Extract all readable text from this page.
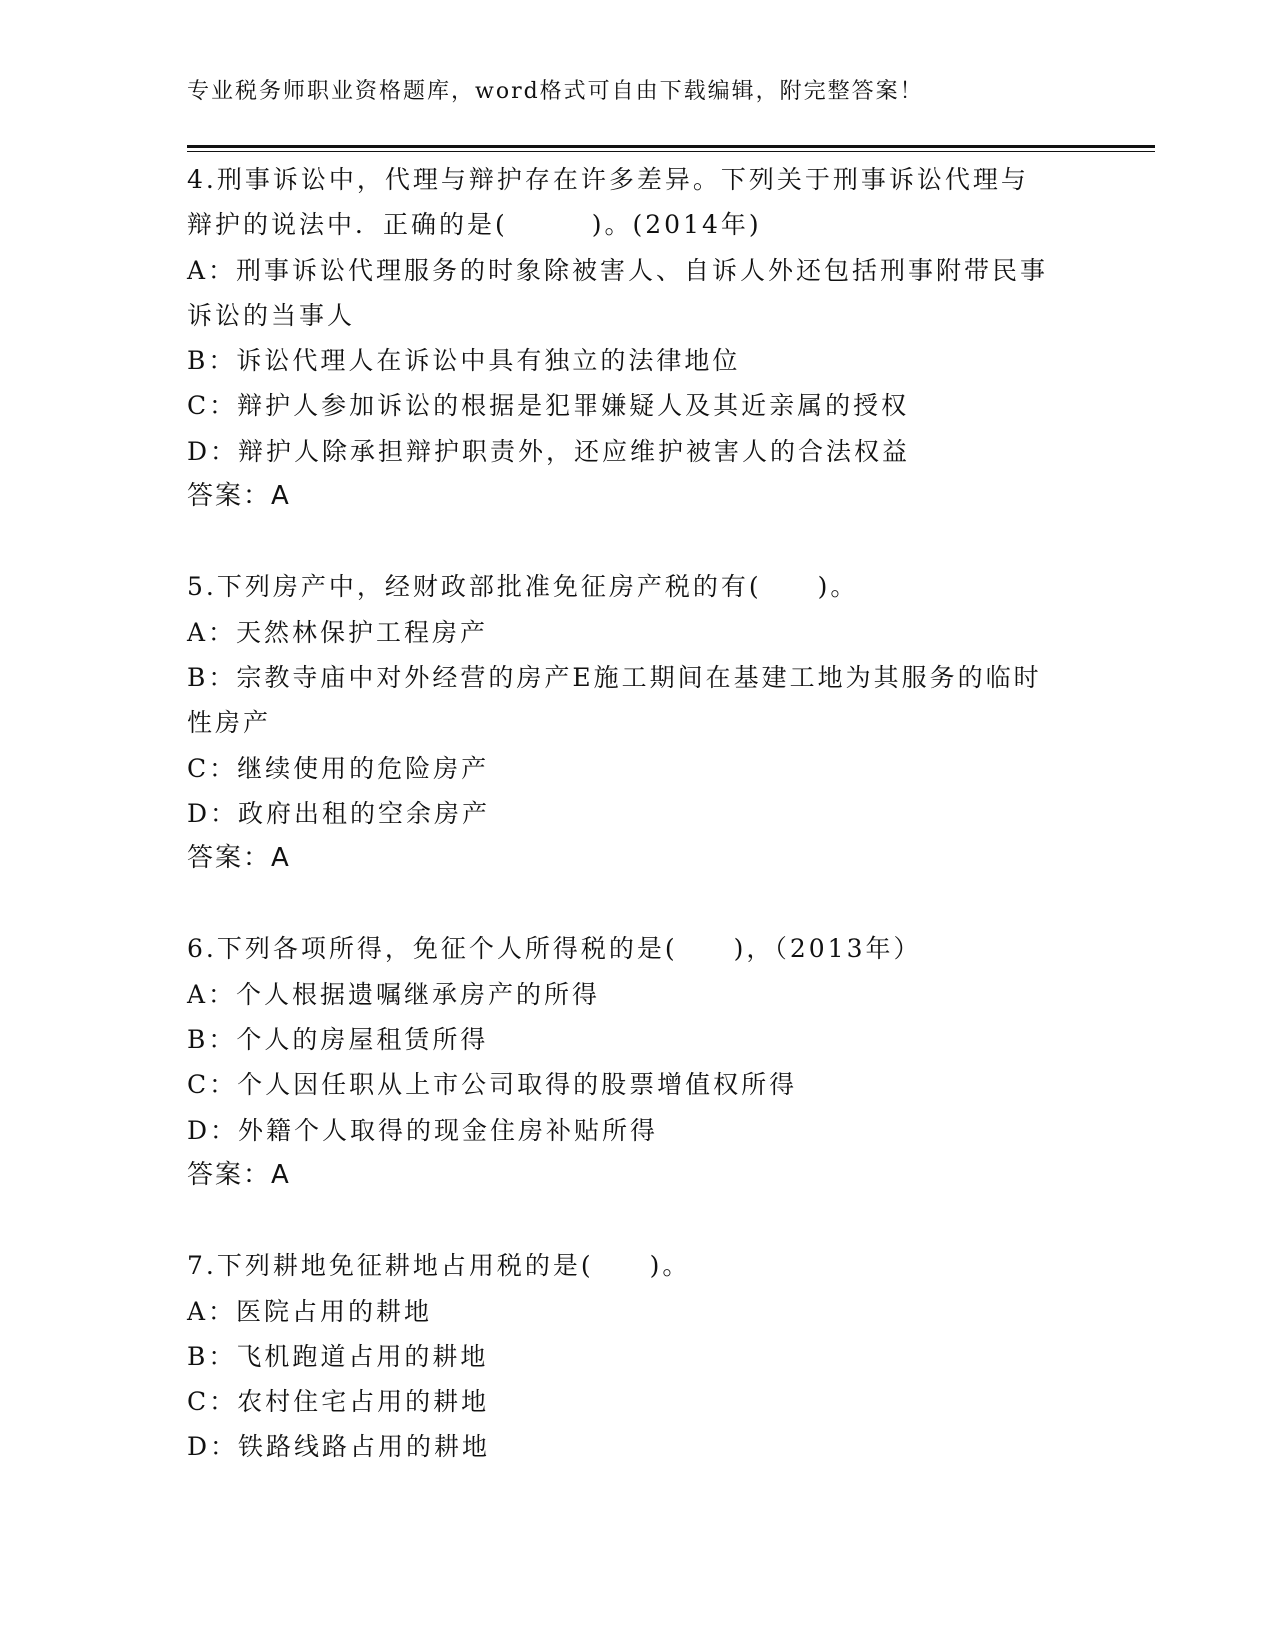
专业税务师职业资格题库，word格式可自由下载编辑，附完整答案！

4.刑事诉讼中，代理与辩护存在许多差异。下列关于刑事诉讼代理与

辩护的说法中．正确的是(　　　)。(2014年)

A：刑事诉讼代理服务的时象除被害人、自诉人外还包括刑事附带民事

诉讼的当事人

B：诉讼代理人在诉讼中具有独立的法律地位

C：辩护人参加诉讼的根据是犯罪嫌疑人及其近亲属的授权

D：辩护人除承担辩护职责外，还应维护被害人的合法权益

答案：A

5.下列房产中，经财政部批准免征房产税的有(　　)。

A：天然林保护工程房产

B：宗教寺庙中对外经营的房产E施工期间在基建工地为其服务的临时

性房产

C：继续使用的危险房产

D：政府出租的空余房产

答案：A

6.下列各项所得，免征个人所得税的是(　　)，（2013年）

A：个人根据遗嘱继承房产的所得

B：个人的房屋租赁所得

C：个人因任职从上市公司取得的股票增值权所得

D：外籍个人取得的现金住房补贴所得

答案：A

7.下列耕地免征耕地占用税的是(　　)。

A：医院占用的耕地

B：飞机跑道占用的耕地

C：农村住宅占用的耕地

D：铁路线路占用的耕地
